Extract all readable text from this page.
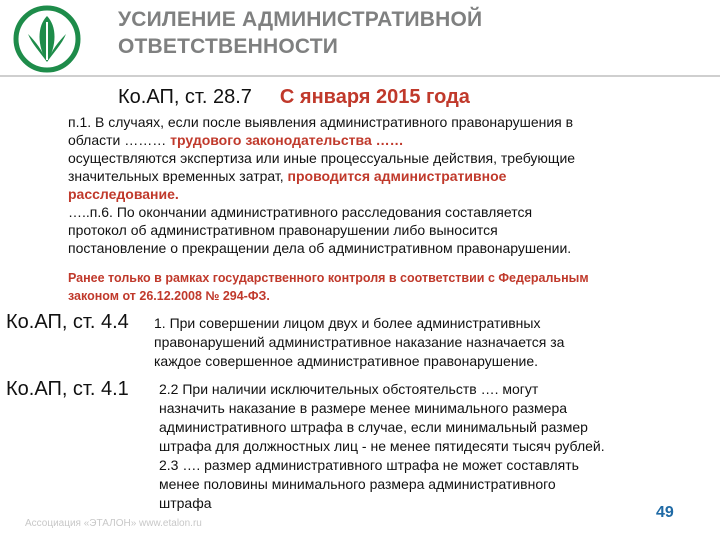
УСИЛЕНИЕ АДМИНИСТРАТИВНОЙ
ОТВЕТСТВЕННОСТИ
Ко.АП, ст. 28.7 С января 2015 года
п.1. В случаях, если после выявления административного правонарушения в
области ……… трудового законодательства ……
осуществляются экспертиза или иные процессуальные действия, требующие
значительных временных затрат, проводится административное
расследование.
…..п.6. По окончании административного расследования составляется
протокол об административном правонарушении либо выносится
постановление о прекращении дела об административном правонарушении.
Ранее только в рамках государственного контроля в соответствии с Федеральным
законом от 26.12.2008 № 294-ФЗ.
Ко.АП, ст. 4.4 1. При совершении лицом двух и более административных
правонарушений административное наказание назначается за
каждое совершенное административное правонарушение.
Ко.АП, ст. 4.1 2.2 При наличии исключительных обстоятельств …. могут
назначить наказание в размере менее минимального размера
административного штрафа в случае, если минимальный размер
штрафа для должностных лиц - не менее пятидесяти тысяч рублей.
2.3 …. размер административного штрафа не может составлять
менее половины минимального размера административного
штрафа
Ассоциация «ЭТАЛОН» www.etalon.ru
49
